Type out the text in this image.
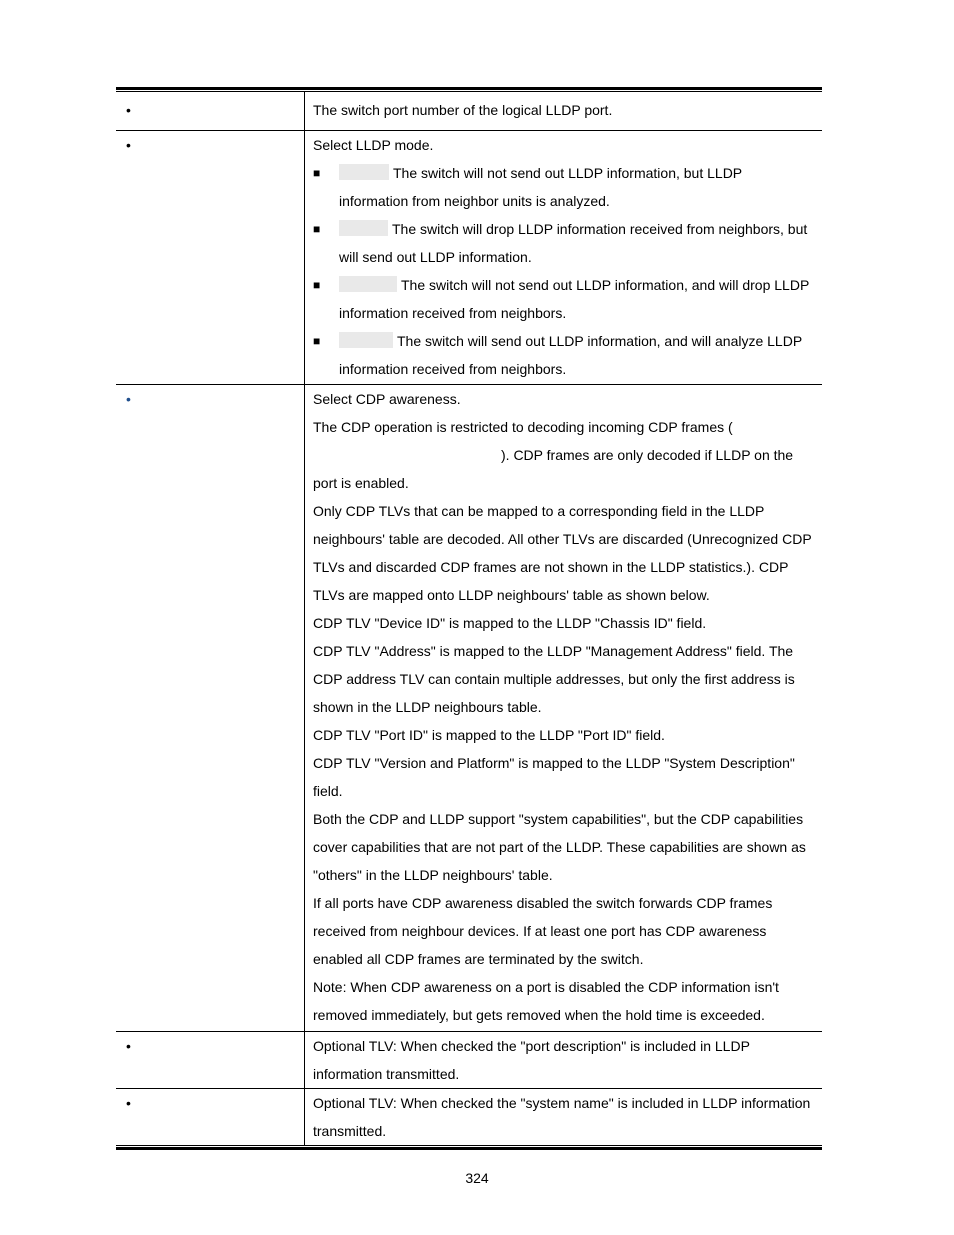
•	The switch port number of the logical LLDP port.

•	Select LLDP mode.

■	The switch will not send out LLDP information, but LLDP information from neighbor units is analyzed.
■	The switch will drop LLDP information received from neighbors, but will send out LLDP information.
■	The switch will not send out LLDP information, and will drop LLDP information received from neighbors.
■	The switch will send out LLDP information, and will analyze LLDP information received from neighbors.
•	Select CDP awareness.

The CDP operation is restricted to decoding incoming CDP frames (

). CDP frames are only decoded if LLDP on the port is enabled.

Only CDP TLVs that can be mapped to a corresponding field in the LLDP neighbours' table are decoded. All other TLVs are discarded (Unrecognized CDP TLVs and discarded CDP frames are not shown in the LLDP statistics.). CDP TLVs are mapped onto LLDP neighbours' table as shown below.

CDP TLV "Device ID" is mapped to the LLDP "Chassis ID" field.

CDP TLV "Address" is mapped to the LLDP "Management Address" field. The CDP address TLV can contain multiple addresses, but only the first address is shown in the LLDP neighbours table.

CDP TLV "Port ID" is mapped to the LLDP "Port ID" field.

CDP TLV "Version and Platform" is mapped to the LLDP "System Description" field.

Both the CDP and LLDP support "system capabilities", but the CDP capabilities cover capabilities that are not part of the LLDP. These capabilities are shown as "others" in the LLDP neighbours' table.

If all ports have CDP awareness disabled the switch forwards CDP frames received from neighbour devices. If at least one port has CDP awareness enabled all CDP frames are terminated by the switch.

Note: When CDP awareness on a port is disabled the CDP information isn't removed immediately, but gets removed when the hold time is exceeded.

•	Optional TLV: When checked the "port description" is included in LLDP information transmitted.

•	Optional TLV: When checked the "system name" is included in LLDP information transmitted.

324
